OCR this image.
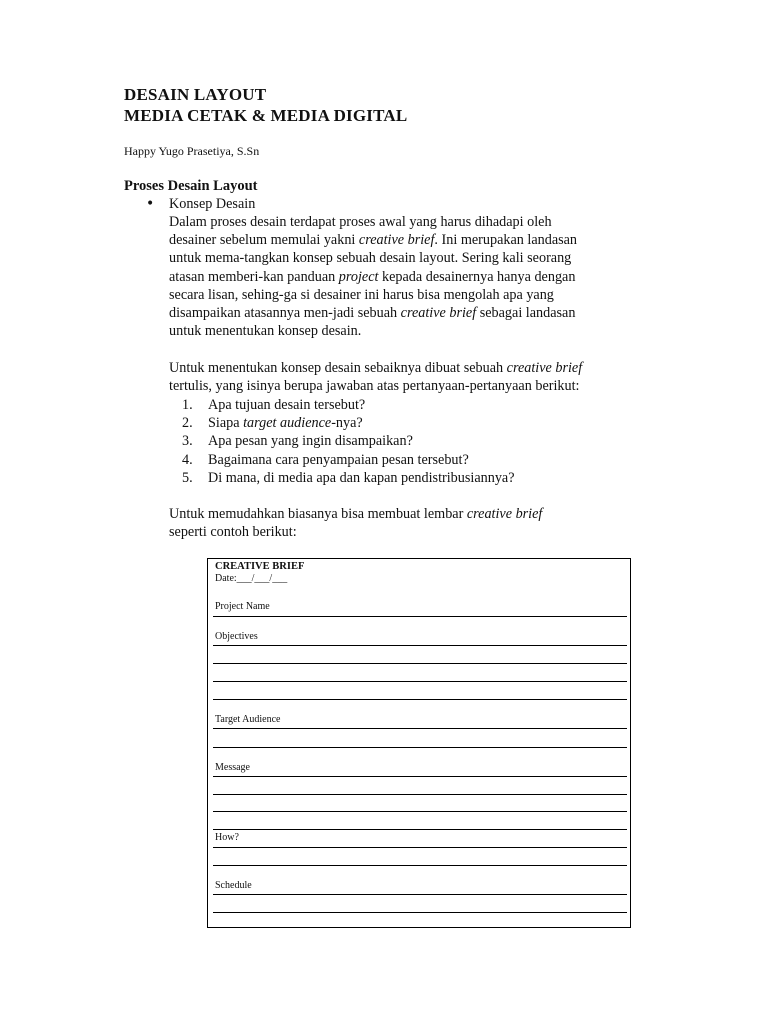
DESAIN LAYOUT
MEDIA CETAK & MEDIA DIGITAL
Happy Yugo Prasetiya, S.Sn
Proses Desain Layout
• Konsep Desain
Dalam proses desain terdapat proses awal yang harus dihadapi oleh
desainer sebelum memulai yakni creative brief. Ini merupakan landasan
untuk mema-tangkan konsep sebuah desain layout. Sering kali seorang
atasan memberi-kan panduan project kepada desainernya hanya dengan
secara lisan, sehing-ga si desainer ini harus bisa mengolah apa yang
disampaikan atasannya men-jadi sebuah creative brief sebagai landasan
untuk menentukan konsep desain.
Untuk menentukan konsep desain sebaiknya dibuat sebuah creative brief
tertulis, yang isinya berupa jawaban atas pertanyaan-pertanyaan berikut:
1. Apa tujuan desain tersebut?
2. Siapa target audience-nya?
3. Apa pesan yang ingin disampaikan?
4. Bagaimana cara penyampaian pesan tersebut?
5. Di mana, di media apa dan kapan pendistribusiannya?
Untuk memudahkan biasanya bisa membuat lembar creative brief
seperti contoh berikut:
CREATIVE BRIEF
Date:___/___/___
Project Name
Objectives
Target Audience
Message
How?
Schedule
